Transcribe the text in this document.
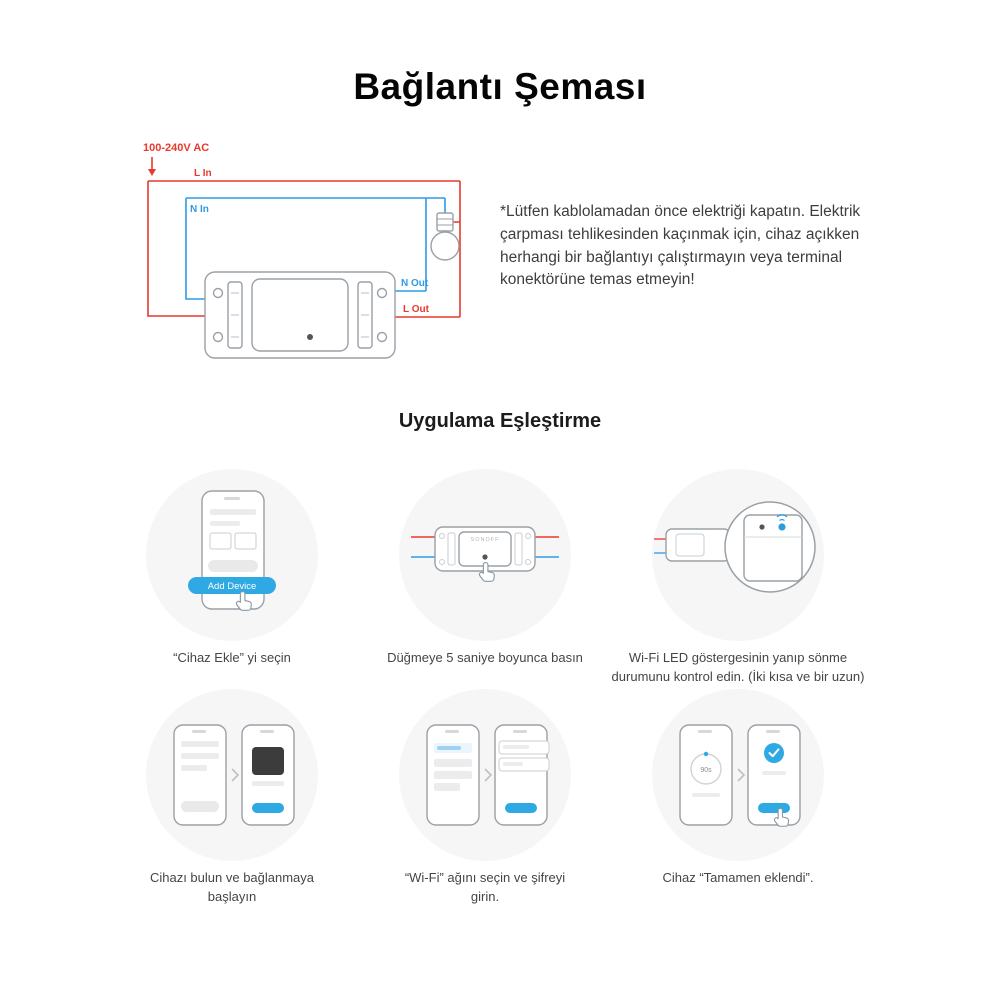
Bağlantı Şeması
100-240V AC
L In
N In
N Out
L Out

*Lütfen kablolamadan önce elektriği kapatın. Elektrik çarpması tehlikesinden kaçınmak için, cihaz açıkken herhangi bir bağlantıyı çalıştırmayın veya terminal konektörüne temas etmeyin!

Uygulama Eşleştirme
Add Device
“Cihaz Ekle” yi seçin
SONOFF
Düğmeye 5 saniye boyunca basın	Wi-Fi LED göstergesinin yanıp sönme durumunu kontrol edin. (İki kısa ve bir uzun)
Cihazı bulun ve bağlanmaya başlayın
“Wi-Fi” ağını seçin ve şifreyi girin.
90s
Cihaz “Tamamen eklendi”.
